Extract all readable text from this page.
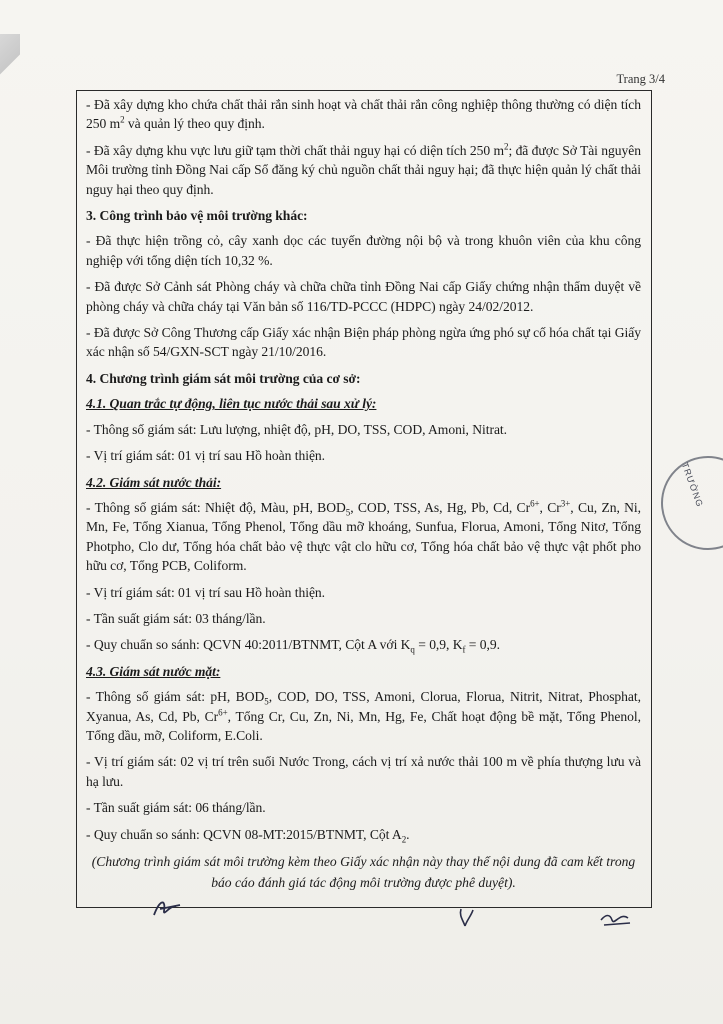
Trang 3/4

- Đã xây dựng kho chứa chất thải rắn sinh hoạt và chất thải rắn công nghiệp thông thường có diện tích 250 $m^2$ và quản lý theo quy định.

- Đã xây dựng khu vực lưu giữ tạm thời chất thải nguy hại có diện tích 250 $m^2$; đã được Sở Tài nguyên Môi trường tỉnh Đồng Nai cấp Sổ đăng ký chủ nguồn chất thải nguy hại; đã thực hiện quản lý chất thải nguy hại theo quy định.

3. Công trình bảo vệ môi trường khác:

- Đã thực hiện trồng cỏ, cây xanh dọc các tuyến đường nội bộ và trong khuôn viên của khu công nghiệp với tổng diện tích 10,32 %.

- Đã được Sở Cảnh sát Phòng cháy và chữa chữa tỉnh Đồng Nai cấp Giấy chứng nhận thẩm duyệt về phòng cháy và chữa cháy tại Văn bản số 116/TD-PCCC (HDPC) ngày 24/02/2012.

- Đã được Sở Công Thương cấp Giấy xác nhận Biện pháp phòng ngừa ứng phó sự cố hóa chất tại Giấy xác nhận số 54/GXN-SCT ngày 21/10/2016.

4. Chương trình giám sát môi trường của cơ sở:

4.1. Quan trắc tự động, liên tục nước thải sau xử lý:

- Thông số giám sát: Lưu lượng, nhiệt độ, pH, DO, TSS, COD, Amoni, Nitrat.

- Vị trí giám sát: 01 vị trí sau Hồ hoàn thiện.

4.2. Giám sát nước thải:

- Thông số giám sát: Nhiệt độ, Màu, pH, $BOD_5$, COD, TSS, As, Hg, Pb, Cd, $Cr^{6+}$, $Cr^{3+}$, Cu, Zn, Ni, Mn, Fe, Tổng Xianua, Tổng Phenol, Tổng dầu mỡ khoáng, Sunfua, Florua, Amoni, Tổng Nitơ, Tổng Photpho, Clo dư, Tổng hóa chất bảo vệ thực vật clo hữu cơ, Tổng hóa chất bảo vệ thực vật phốt pho hữu cơ, Tổng PCB, Coliform.

- Vị trí giám sát: 01 vị trí sau Hồ hoàn thiện.

- Tần suất giám sát: 03 tháng/lần.

- Quy chuẩn so sánh: QCVN 40:2011/BTNMT, Cột A với $K_q = 0,9$, $K_f = 0,9$.

4.3. Giám sát nước mặt:

- Thông số giám sát: pH, $BOD_5$, COD, DO, TSS, Amoni, Clorua, Florua, Nitrit, Nitrat, Phosphat, Xyanua, As, Cd, Pb, $Cr^{6+}$, Tổng Cr, Cu, Zn, Ni, Mn, Hg, Fe, Chất hoạt động bề mặt, Tổng Phenol, Tổng dầu, mỡ, Coliform, E.Coli.

- Vị trí giám sát: 02 vị trí trên suối Nước Trong, cách vị trí xả nước thải 100 m về phía thượng lưu và hạ lưu.

- Tần suất giám sát: 06 tháng/lần.

- Quy chuẩn so sánh: QCVN 08-MT:2015/BTNMT, Cột $A_2$.

(Chương trình giám sát môi trường kèm theo Giấy xác nhận này thay thế nội dung đã cam kết trong báo cáo đánh giá tác động môi trường được phê duyệt).

TRƯỜNG
